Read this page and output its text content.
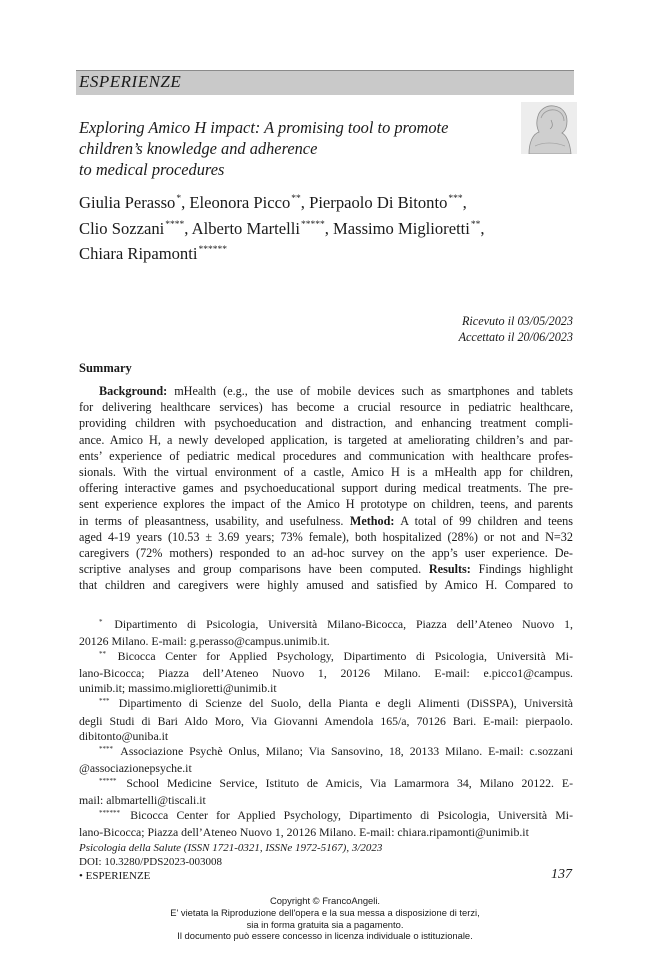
ESPERIENZE
Exploring Amico H impact: A promising tool to promote
children’s knowledge and adherence
to medical procedures
Giulia Perasso*, Eleonora Picco**, Pierpaolo Di Bitonto***,
Clio Sozzani****, Alberto Martelli*****, Massimo Miglioretti**,
Chiara Ripamonti******
Ricevuto il 03/05/2023
Accettato il 20/06/2023
Summary
Background: mHealth (e.g., the use of mobile devices such as smartphones and tablets
for delivering healthcare services) has become a crucial resource in pediatric healthcare,
providing children with psychoeducation and distraction, and enhancing treatment compli-
ance. Amico H, a newly developed application, is targeted at ameliorating children’s and par-
ents’ experience of pediatric medical procedures and communication with healthcare profes-
sionals. With the virtual environment of a castle, Amico H is a mHealth app for children,
offering interactive games and psychoeducational support during medical treatments. The pre-
sent experience explores the impact of the Amico H prototype on children, teens, and parents
in terms of pleasantness, usability, and usefulness. Method: A total of 99 children and teens
aged 4-19 years (10.53 ± 3.69 years; 73% female), both hospitalized (28%) or not and N=32
caregivers (72% mothers) responded to an ad-hoc survey on the app’s user experience. De-
scriptive analyses and group comparisons have been computed. Results: Findings highlight
that children and caregivers were highly amused and satisfied by Amico H. Compared to
* Dipartimento di Psicologia, Università Milano-Bicocca, Piazza dell’Ateneo Nuovo 1,
20126 Milano. E-mail: g.perasso@campus.unimib.it.
** Bicocca Center for Applied Psychology, Dipartimento di Psicologia, Università Mi-
lano-Bicocca; Piazza dell’Ateneo Nuovo 1, 20126 Milano. E-mail: e.picco1@campus.
unimib.it; massimo.miglioretti@unimib.it
*** Dipartimento di Scienze del Suolo, della Pianta e degli Alimenti (DiSSPA), Università
degli Studi di Bari Aldo Moro, Via Giovanni Amendola 165/a, 70126 Bari. E-mail: pierpaolo.
dibitonto@uniba.it
**** Associazione Psychè Onlus, Milano; Via Sansovino, 18, 20133 Milano. E-mail: c.sozzani
@associazionepsyche.it
***** School Medicine Service, Istituto de Amicis, Via Lamarmora 34, Milano 20122. E-
mail: albmartelli@tiscali.it
****** Bicocca Center for Applied Psychology, Dipartimento di Psicologia, Università Mi-
lano-Bicocca; Piazza dell’Ateneo Nuovo 1, 20126 Milano. E-mail: chiara.ripamonti@unimib.it
Psicologia della Salute (ISSN 1721-0321, ISSNe 1972-5167), 3/2023
DOI: 10.3280/PDS2023-003008
• ESPERIENZE	137
Copyright © FrancoAngeli.
E' vietata la Riproduzione dell'opera e la sua messa a disposizione di terzi,
sia in forma gratuita sia a pagamento.
Il documento può essere concesso in licenza individuale o istituzionale.
